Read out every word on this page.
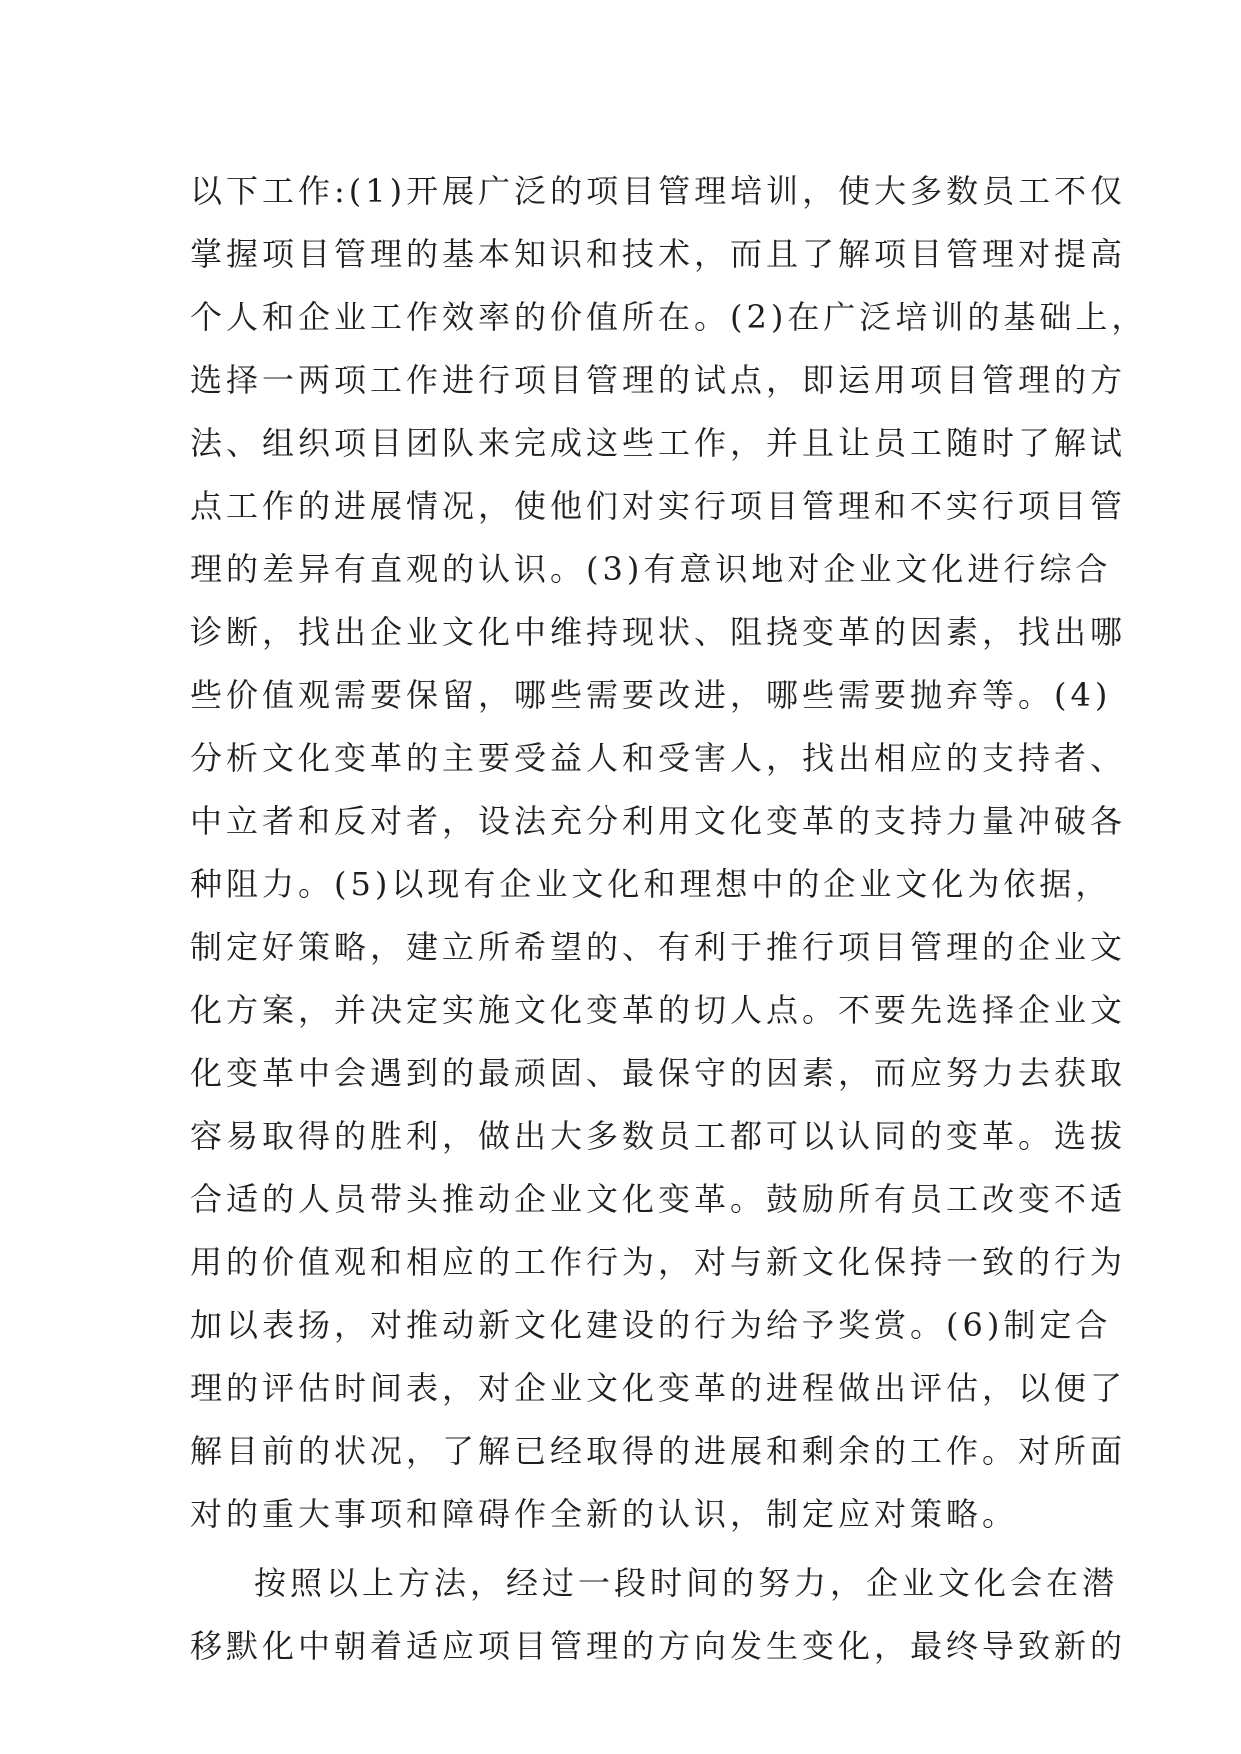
以下工作:(1)开展广泛的项目管理培训，使大多数员工不仅
掌握项目管理的基本知识和技术，而且了解项目管理对提高
个人和企业工作效率的价值所在。(2)在广泛培训的基础上，
选择一两项工作进行项目管理的试点，即运用项目管理的方
法、组织项目团队来完成这些工作，并且让员工随时了解试
点工作的进展情况，使他们对实行项目管理和不实行项目管
理的差异有直观的认识。(3)有意识地对企业文化进行综合
诊断，找出企业文化中维持现状、阻挠变革的因素，找出哪
些价值观需要保留，哪些需要改进，哪些需要抛弃等。(4)
分析文化变革的主要受益人和受害人，找出相应的支持者、
中立者和反对者，设法充分利用文化变革的支持力量冲破各
种阻力。(5)以现有企业文化和理想中的企业文化为依据，
制定好策略，建立所希望的、有利于推行项目管理的企业文
化方案，并决定实施文化变革的切人点。不要先选择企业文
化变革中会遇到的最顽固、最保守的因素，而应努力去获取
容易取得的胜利，做出大多数员工都可以认同的变革。选拔
合适的人员带头推动企业文化变革。鼓励所有员工改变不适
用的价值观和相应的工作行为，对与新文化保持一致的行为
加以表扬，对推动新文化建设的行为给予奖赏。(6)制定合
理的评估时间表，对企业文化变革的进程做出评估，以便了
解目前的状况，了解已经取得的进展和剩余的工作。对所面
对的重大事项和障碍作全新的认识，制定应对策略。
按照以上方法，经过一段时间的努力，企业文化会在潜
移默化中朝着适应项目管理的方向发生变化，最终导致新的
